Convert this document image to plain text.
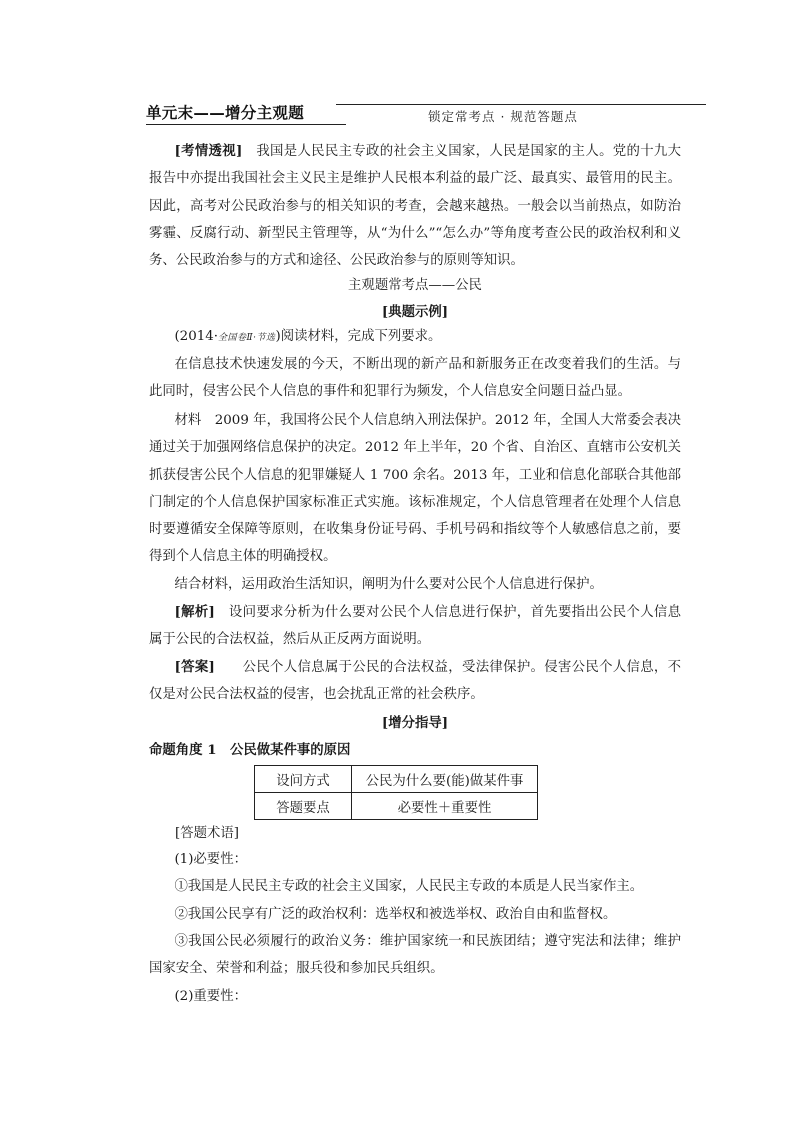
单元末——增分主观题	锁定常考点 · 规范答题点
[考情透视]　 我国是人民民主专政的社会主义国家，人民是国家的主人。党的十九大报告中亦提出我国社会主义民主是维护人民根本利益的最广泛、最真实、最管用的民主。因此，高考对公民政治参与的相关知识的考查，会越来越热。一般会以当前热点，如防治雾霾、反腐行动、新型民主管理等，从“为什么”“怎么办”等角度考查公民的政治权利和义务、公民政治参与的方式和途径、公民政治参与的原则等知识。
主观题常考点——公民
[典题示例]
(2014·全国卷Ⅱ·节选)阅读材料，完成下列要求。
在信息技术快速发展的今天，不断出现的新产品和新服务正在改变着我们的生活。与此同时，侵害公民个人信息的事件和犯罪行为频发，个人信息安全问题日益凸显。
材料　 2009 年，我国将公民个人信息纳入刑法保护。2012 年，全国人大常委会表决通过关于加强网络信息保护的决定。2012 年上半年，20 个省、自治区、直辖市公安机关抓获侵害公民个人信息的犯罪嫌疑人 1 700 余名。2013 年，工业和信息化部联合其他部门制定的个人信息保护国家标准正式实施。该标准规定，个人信息管理者在处理个人信息时要遵循安全保障等原则，在收集身份证号码、手机号码和指纹等个人敏感信息之前，要得到个人信息主体的明确授权。
结合材料，运用政治生活知识，阐明为什么要对公民个人信息进行保护。
[解析]　 设问要求分析为什么要对公民个人信息进行保护，首先要指出公民个人信息属于公民的合法权益，然后从正反两方面说明。
[答案]　　 公民个人信息属于公民的合法权益，受法律保护。侵害公民个人信息，不仅是对公民合法权益的侵害，也会扰乱正常的社会秩序。
[增分指导]
命题角度 1　 公民做某件事的原因
设问方式	公民为什么要(能)做某件事
答题要点	必要性＋重要性
[答题术语]
(1)必要性：
①我国是人民民主专政的社会主义国家，人民民主专政的本质是人民当家作主。
②我国公民享有广泛的政治权利：选举权和被选举权、政治自由和监督权。
③我国公民必须履行的政治义务：维护国家统一和民族团结；遵守宪法和法律；维护国家安全、荣誉和利益；服兵役和参加民兵组织。
(2)重要性：
